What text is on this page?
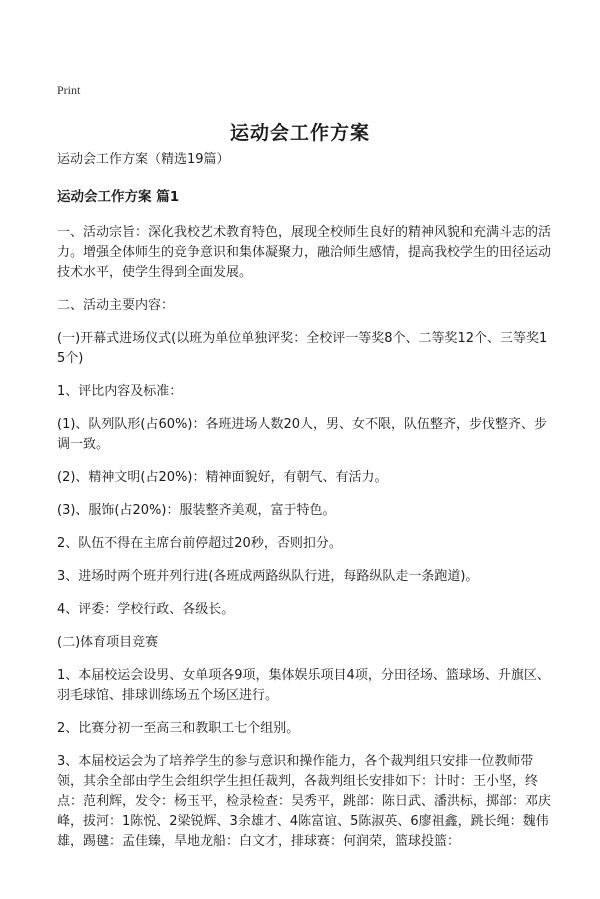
Print
运动会工作方案

运动会工作方案（精选19篇）

运动会工作方案 篇1

一、活动宗旨：深化我校艺术教育特色，展现全校师生良好的精神风貌和充满斗志的活力。增强全体师生的竞争意识和集体凝聚力，融洽师生感情，提高我校学生的田径运动技术水平，使学生得到全面发展。

二、活动主要内容：

(一)开幕式进场仪式(以班为单位单独评奖：全校评一等奖8个、二等奖12个、三等奖15个)

1、评比内容及标准：

(1)、队列队形(占60%)：各班进场人数20人，男、女不限，队伍整齐，步伐整齐、步调一致。

(2)、精神文明(占20%)：精神面貌好，有朝气、有活力。

(3)、服饰(占20%)：服装整齐美观，富于特色。

2、队伍不得在主席台前停超过20秒，否则扣分。

3、进场时两个班并列行进(各班成两路纵队行进，每路纵队走一条跑道)。

4、评委：学校行政、各级长。

(二)体育项目竞赛

1、本届校运会设男、女单项各9项，集体娱乐项目4项，分田径场、篮球场、升旗区、羽毛球馆、排球训练场五个场区进行。

2、比赛分初一至高三和教职工七个组别。

3、本届校运会为了培养学生的参与意识和操作能力，各个裁判组只安排一位教师带领，其余全部由学生会组织学生担任裁判，各裁判组长安排如下：计时：王小坚，终点：范利辉，发令：杨玉平，检录检查：吴秀平，跳部：陈日武、潘洪标，掷部：邓庆峰，拔河：1陈悦、2梁锐辉、3余雄才、4陈富谊、5陈淑英、6廖祖鑫，跳长绳：魏伟雄，踢毽：孟佳臻，旱地龙船：白文才，排球赛：何润荣，篮球投篮：
